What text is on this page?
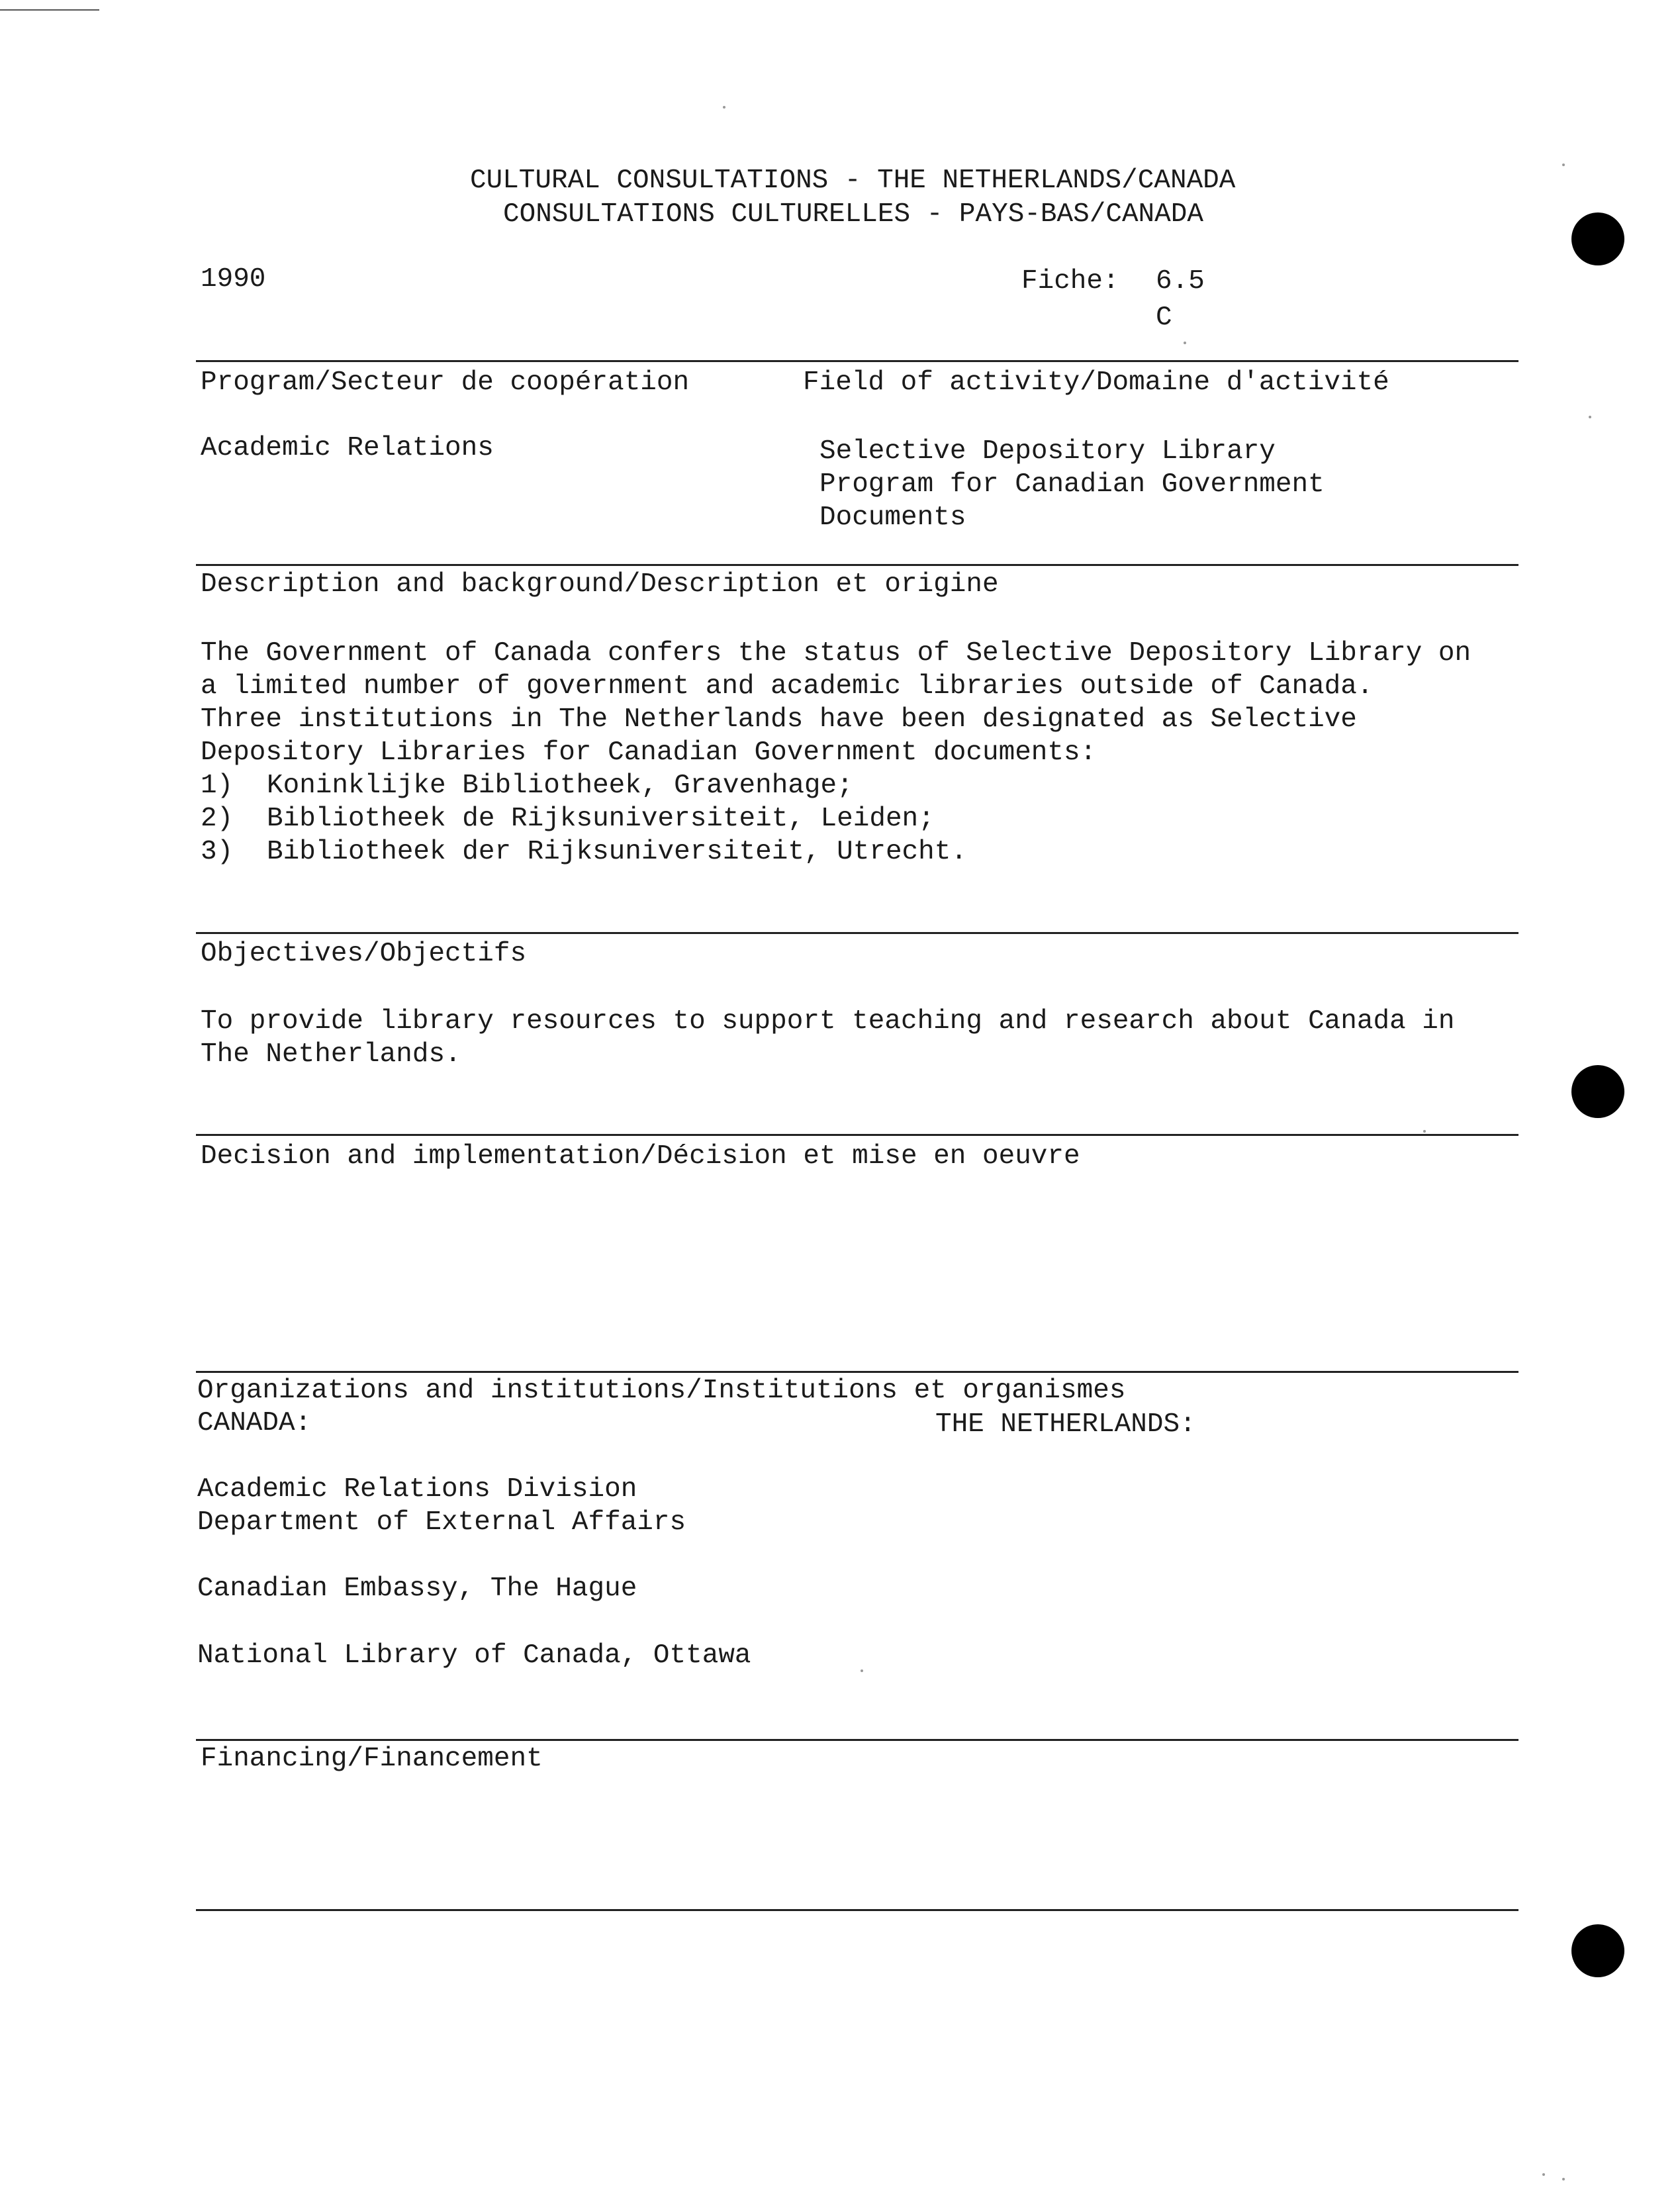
CULTURAL CONSULTATIONS - THE NETHERLANDS/CANADA
CONSULTATIONS CULTURELLES - PAYS-BAS/CANADA
1990	Fiche: 6.5
C
Program/Secteur de coopération	Field of activity/Domaine d'activité
Academic Relations	Selective Depository Library
Program for Canadian Government
Documents
Description and background/Description et origine
The Government of Canada confers the status of Selective Depository Library on
a limited number of government and academic libraries outside of Canada.
Three institutions in The Netherlands have been designated as Selective
Depository Libraries for Canadian Government documents:
1) Koninklijke Bibliotheek, Gravenhage;
2) Bibliotheek de Rijksuniversiteit, Leiden;
3) Bibliotheek der Rijksuniversiteit, Utrecht.
Objectives/Objectifs
To provide library resources to support teaching and research about Canada in
The Netherlands.
Decision and implementation/Décision et mise en oeuvre
Organizations and institutions/Institutions et organismes
CANADA:	THE NETHERLANDS:
Academic Relations Division
Department of External Affairs
Canadian Embassy, The Hague
National Library of Canada, Ottawa
Financing/Financement
